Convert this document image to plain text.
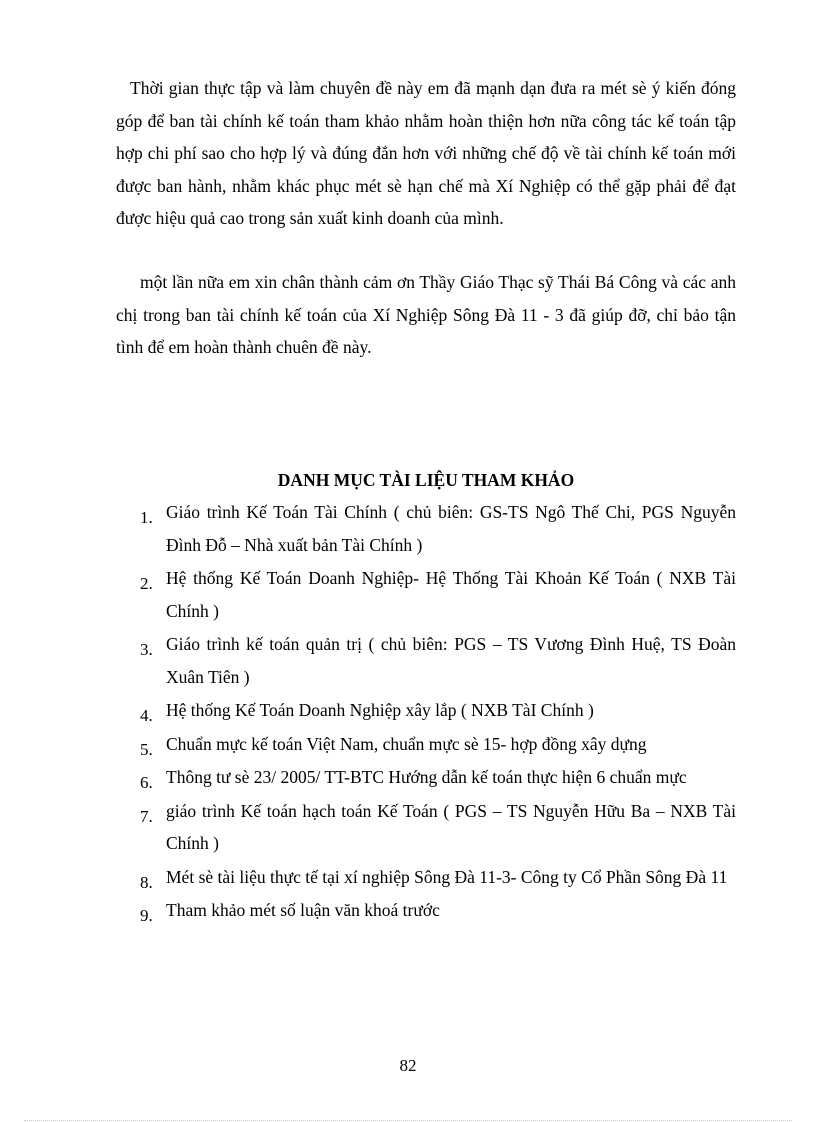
Thời gian thực tập và làm chuyên đề này em đã mạnh dạn đưa ra mét sè ý kiến đóng góp để ban tài chính kế toán tham khảo nhằm hoàn thiện hơn nữa công tác kế toán tập hợp chi phí sao cho hợp lý và đúng đắn hơn với những chế độ về tài chính kế toán mới được ban hành, nhằm khác phục mét sè hạn chế mà Xí Nghiệp có thể gặp phải để đạt được hiệu quả cao trong sản xuất kinh doanh của mình.

một lần nữa em xin chân thành cảm ơn Thầy Giáo Thạc sỹ Thái Bá Công và các anh chị trong ban tài chính kế toán của Xí Nghiệp Sông Đà 11 - 3 đã giúp đỡ, chỉ bảo tận tình để em hoàn thành chuên đề này.

DANH MỤC TÀI LIỆU THAM KHẢO
1. Giáo trình Kế Toán Tài Chính ( chủ biên: GS-TS Ngô Thế Chi, PGS Nguyễn Đình Đỗ – Nhà xuất bản Tài Chính )
2. Hệ thống Kế Toán Doanh Nghiệp- Hệ Thống Tài Khoản Kế Toán ( NXB Tài Chính )
3. Giáo trình kế toán quản trị ( chủ biên: PGS – TS Vương Đình Huệ, TS Đoàn Xuân Tiên )
4. Hệ thống Kế Toán Doanh Nghiệp xây lắp ( NXB TàI Chính )
5. Chuẩn mực kế toán Việt Nam, chuẩn mực sè 15- hợp đồng xây dựng
6. Thông tư sè 23/ 2005/ TT-BTC Hướng dẫn kế toán thực hiện 6 chuẩn mực
7. giáo trình Kế toán hạch toán Kế Toán ( PGS – TS Nguyễn Hữu Ba – NXB Tài Chính )
8. Mét sè tài liệu thực tế tại xí nghiệp Sông Đà 11-3- Công ty Cổ Phần Sông Đà 11
9. Tham khảo mét số luận văn khoá trước
82
